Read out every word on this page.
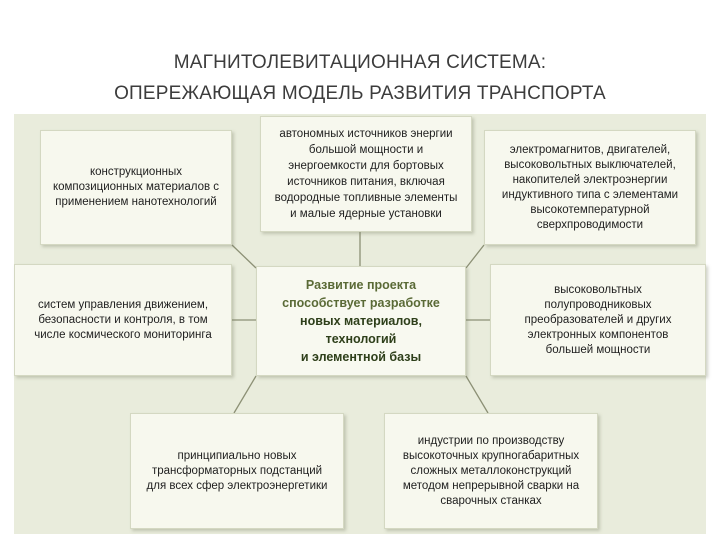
МАГНИТОЛЕВИТАЦИОННАЯ СИСТЕМА:
ОПЕРЕЖАЮЩАЯ МОДЕЛЬ РАЗВИТИЯ ТРАНСПОРТА
конструкционных
композиционных материалов с
применением нанотехнологий
автономных источников энергии
большой мощности и
энергоемкости для бортовых
источников питания, включая
водородные топливные элементы
и малые ядерные установки
электромагнитов, двигателей,
высоковольтных выключателей,
накопителей электроэнергии
индуктивного типа с элементами
высокотемпературной
сверхпроводимости
систем управления движением,
безопасности и контроля, в том
числе космического мониторинга
Развитие проекта
способствует разработке
новых материалов,
технологий
и элементной базы
высоковольтных
полупроводниковых
преобразователей и других
электронных компонентов
большей мощности
принципиально новых
трансформаторных подстанций
для всех сфер электроэнергетики
индустрии по производству
высокоточных крупногабаритных
сложных металлоконструкций
методом непрерывной сварки на
сварочных станках
